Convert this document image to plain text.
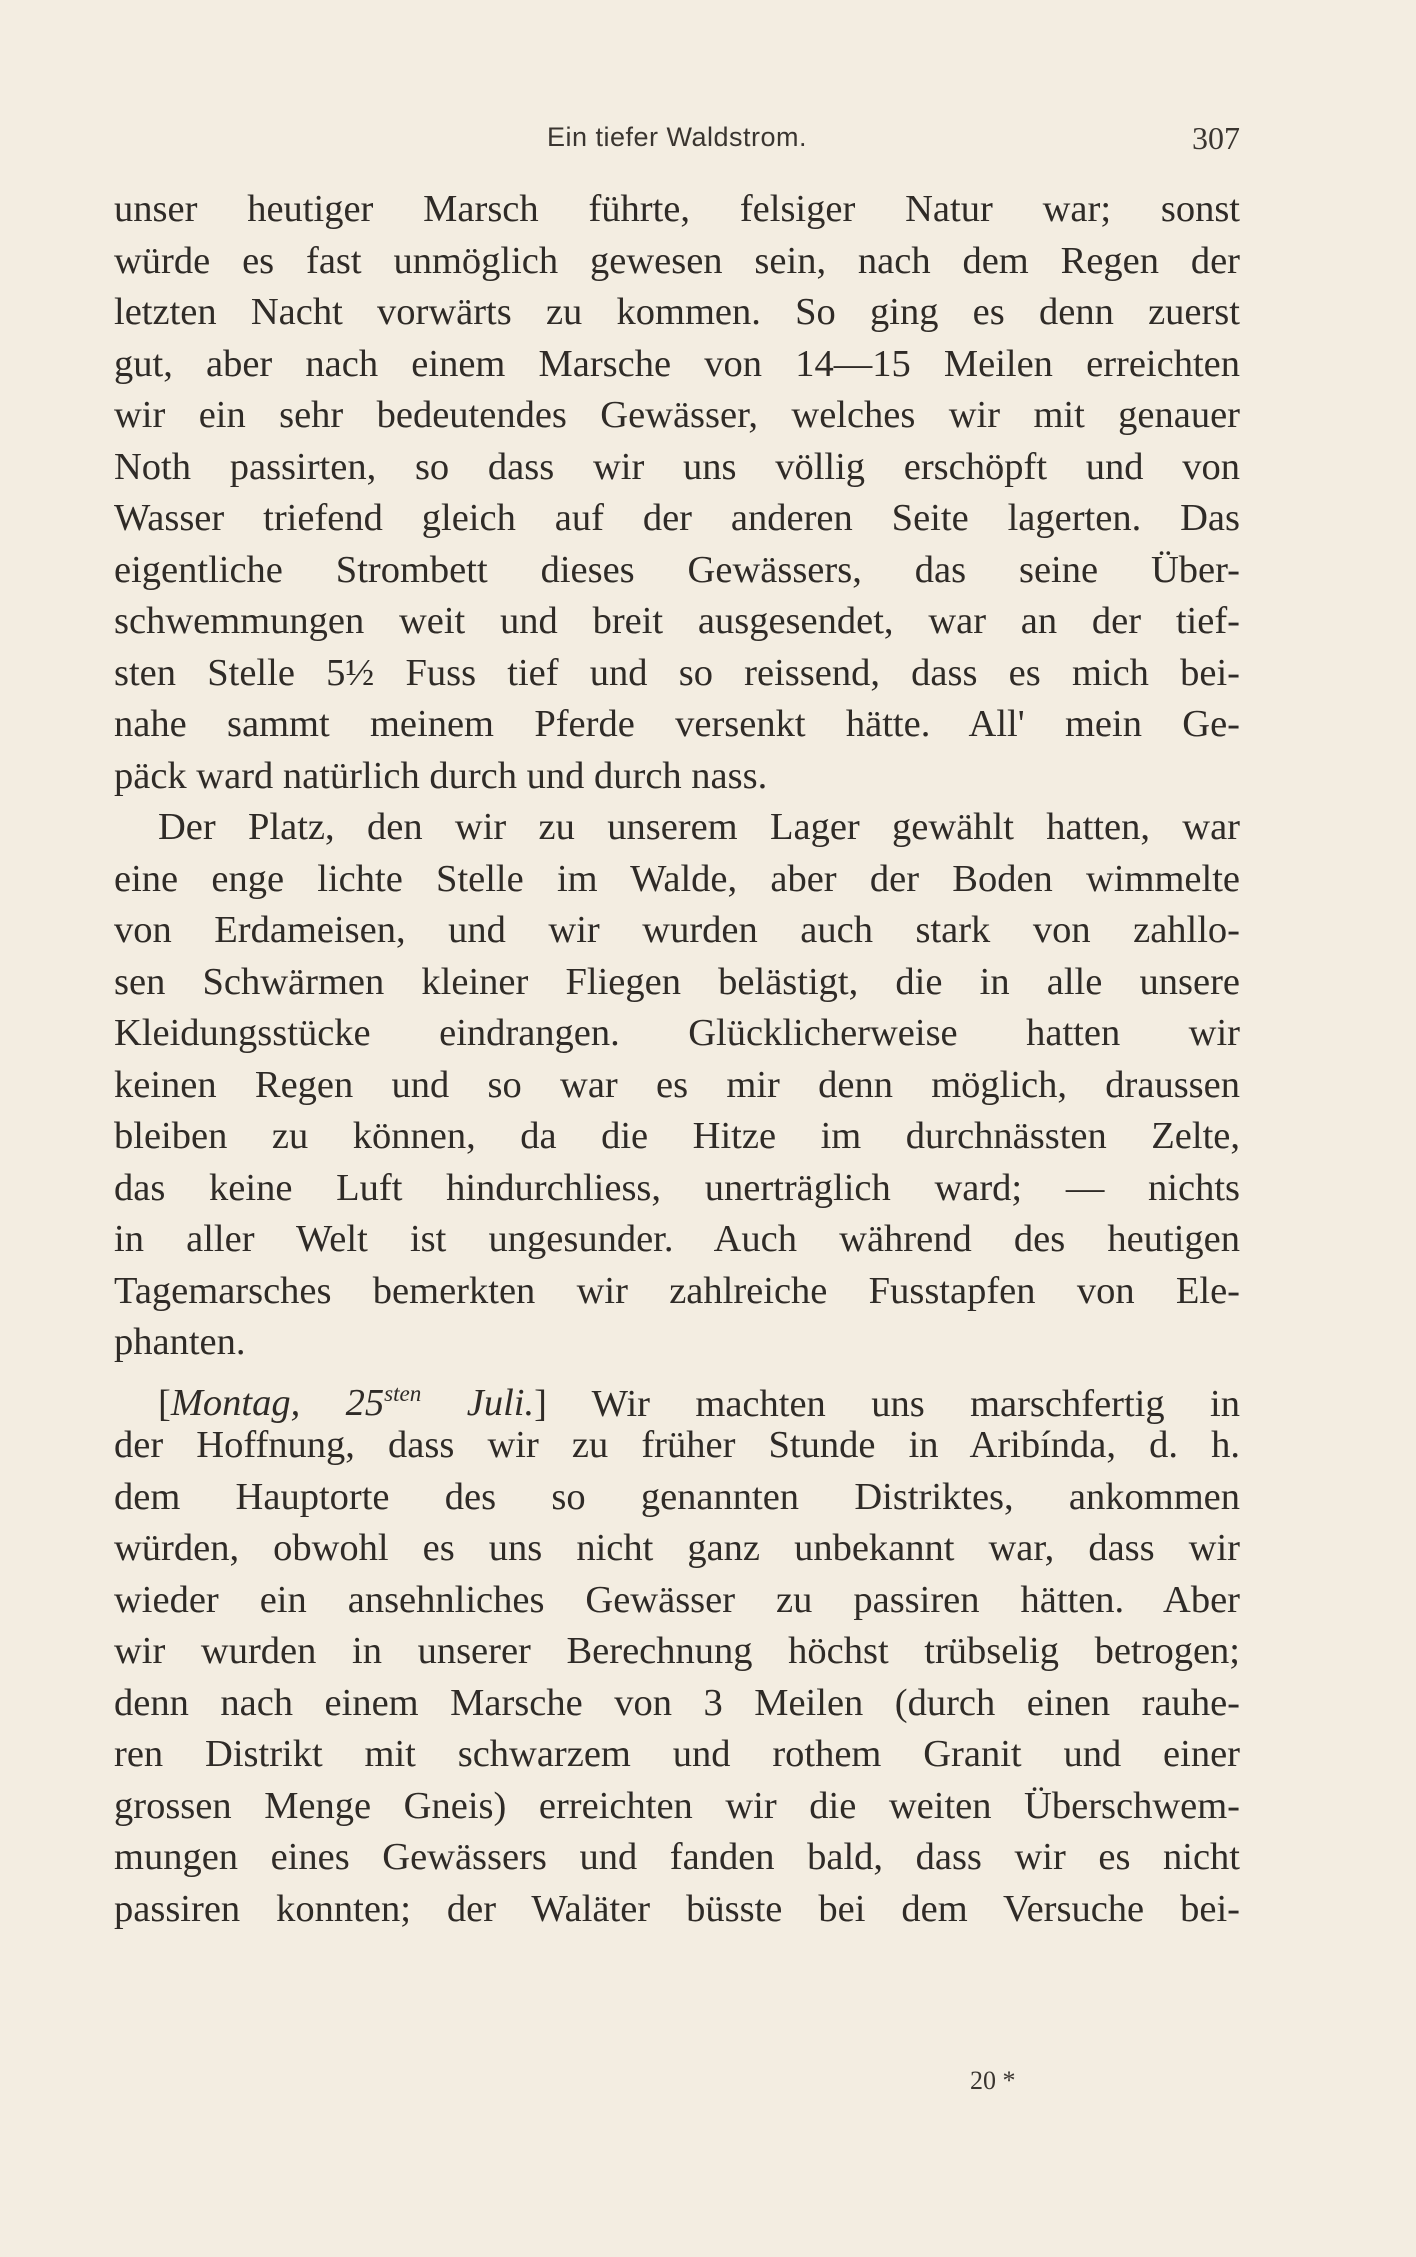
Ein tiefer Waldstrom.	307
unser heutiger Marsch führte, felsiger Natur war; sonst
würde es fast unmöglich gewesen sein, nach dem Regen der
letzten Nacht vorwärts zu kommen. So ging es denn zuerst
gut, aber nach einem Marsche von 14—15 Meilen erreichten
wir ein sehr bedeutendes Gewässer, welches wir mit genauer
Noth passirten, so dass wir uns völlig erschöpft und von
Wasser triefend gleich auf der anderen Seite lagerten. Das
eigentliche Strombett dieses Gewässers, das seine Über-
schwemmungen weit und breit ausgesendet, war an der tief-
sten Stelle 5½ Fuss tief und so reissend, dass es mich bei-
nahe sammt meinem Pferde versenkt hätte. All' mein Ge-
päck ward natürlich durch und durch nass.
Der Platz, den wir zu unserem Lager gewählt hatten, war
eine enge lichte Stelle im Walde, aber der Boden wimmelte
von Erdameisen, und wir wurden auch stark von zahllo-
sen Schwärmen kleiner Fliegen belästigt, die in alle unsere
Kleidungsstücke eindrangen. Glücklicherweise hatten wir
keinen Regen und so war es mir denn möglich, draussen
bleiben zu können, da die Hitze im durchnässten Zelte,
das keine Luft hindurchliess, unerträglich ward; — nichts
in aller Welt ist ungesunder. Auch während des heutigen
Tagemarsches bemerkten wir zahlreiche Fusstapfen von Ele-
phanten.
[Montag, $25^{sten}$ Juli.] Wir machten uns marschfertig in
der Hoffnung, dass wir zu früher Stunde in Aribínda, d. h.
dem Hauptorte des so genannten Distriktes, ankommen
würden, obwohl es uns nicht ganz unbekannt war, dass wir
wieder ein ansehnliches Gewässer zu passiren hätten. Aber
wir wurden in unserer Berechnung höchst trübselig betrogen;
denn nach einem Marsche von 3 Meilen (durch einen rauhe-
ren Distrikt mit schwarzem und rothem Granit und einer
grossen Menge Gneis) erreichten wir die weiten Überschwem-
mungen eines Gewässers und fanden bald, dass wir es nicht
passiren konnten; der Waläter büsste bei dem Versuche bei-
20 *
